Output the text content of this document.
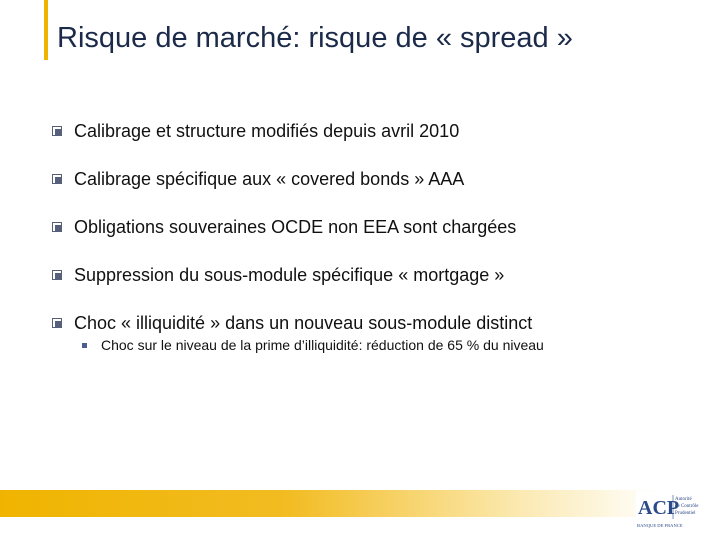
Risque de marché: risque de « spread »
Calibrage et structure modifiés depuis avril 2010
Calibrage spécifique aux « covered bonds » AAA
Obligations souveraines OCDE non EEA sont chargées
Suppression du sous-module spécifique « mortgage »
Choc « illiquidité » dans un nouveau sous-module distinct
Choc sur le niveau de la prime d’illiquidité: réduction de 65 % du niveau
ACP
Autorité
de Contrôle
Prudentiel
BANQUE DE FRANCE
